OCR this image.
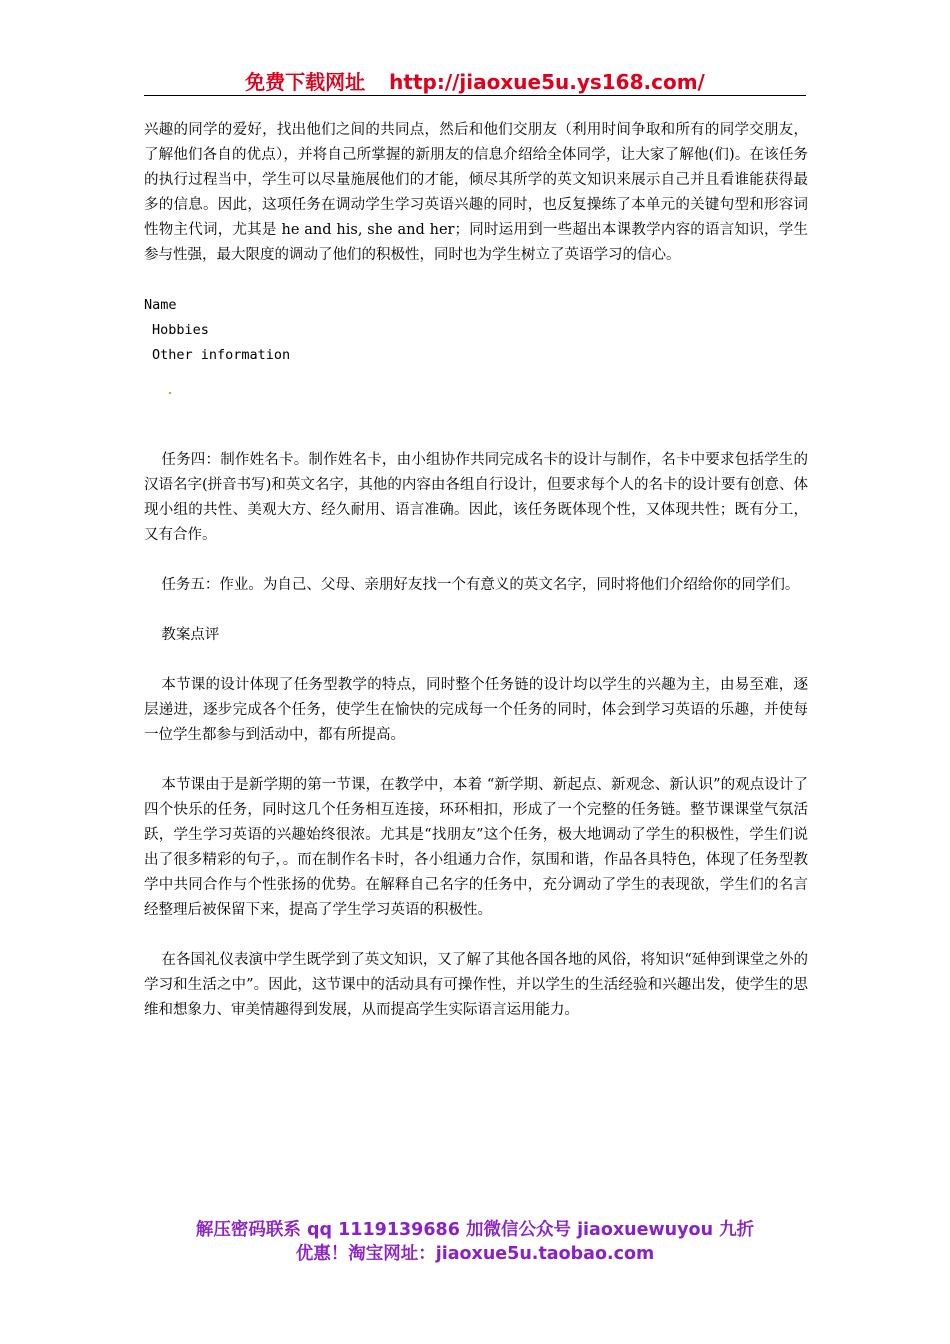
免费下载网址 http://jiaoxue5u.ys168.com/

兴趣的同学的爱好，找出他们之间的共同点，然后和他们交朋友（利用时间争取和所有的同学交朋友，了解他们各自的优点），并将自己所掌握的新朋友的信息介绍给全体同学，让大家了解他(们)。在该任务的执行过程当中，学生可以尽量施展他们的才能，倾尽其所学的英文知识来展示自己并且看谁能获得最多的信息。因此，这项任务在调动学生学习英语兴趣的同时，也反复操练了本单元的关键句型和形容词性物主代词，尤其是 he and his, she and her；同时运用到一些超出本课教学内容的语言知识，学生参与性强，最大限度的调动了他们的积极性，同时也为学生树立了英语学习的信心。

Name
Hobbies
Other information

任务四：制作姓名卡。制作姓名卡，由小组协作共同完成名卡的设计与制作，名卡中要求包括学生的汉语名字(拼音书写)和英文名字，其他的内容由各组自行设计，但要求每个人的名卡的设计要有创意、体现小组的共性、美观大方、经久耐用、语言准确。因此，该任务既体现个性，又体现共性；既有分工，又有合作。

任务五：作业。为自己、父母、亲朋好友找一个有意义的英文名字，同时将他们介绍给你的同学们。

教案点评

本节课的设计体现了任务型教学的特点，同时整个任务链的设计均以学生的兴趣为主，由易至难，逐层递进，逐步完成各个任务，使学生在愉快的完成每一个任务的同时，体会到学习英语的乐趣，并使每一位学生都参与到活动中，都有所提高。

本节课由于是新学期的第一节课，在教学中，本着 “新学期、新起点、新观念、新认识”的观点设计了四个快乐的任务，同时这几个任务相互连接，环环相扣，形成了一个完整的任务链。整节课课堂气氛活跃，学生学习英语的兴趣始终很浓。尤其是“找朋友”这个任务，极大地调动了学生的积极性，学生们说出了很多精彩的句子，。而在制作名卡时，各小组通力合作，氛围和谐，作品各具特色，体现了任务型教学中共同合作与个性张扬的优势。在解释自己名字的任务中，充分调动了学生的表现欲，学生们的名言经整理后被保留下来，提高了学生学习英语的积极性。

在各国礼仪表演中学生既学到了英文知识，又了解了其他各国各地的风俗，将知识“延伸到课堂之外的学习和生活之中”。因此，这节课中的活动具有可操作性，并以学生的生活经验和兴趣出发，使学生的思维和想象力、审美情趣得到发展，从而提高学生实际语言运用能力。

解压密码联系 qq 1119139686 加微信公众号 jiaoxuewuyou 九折
优惠！淘宝网址：jiaoxue5u.taobao.com
